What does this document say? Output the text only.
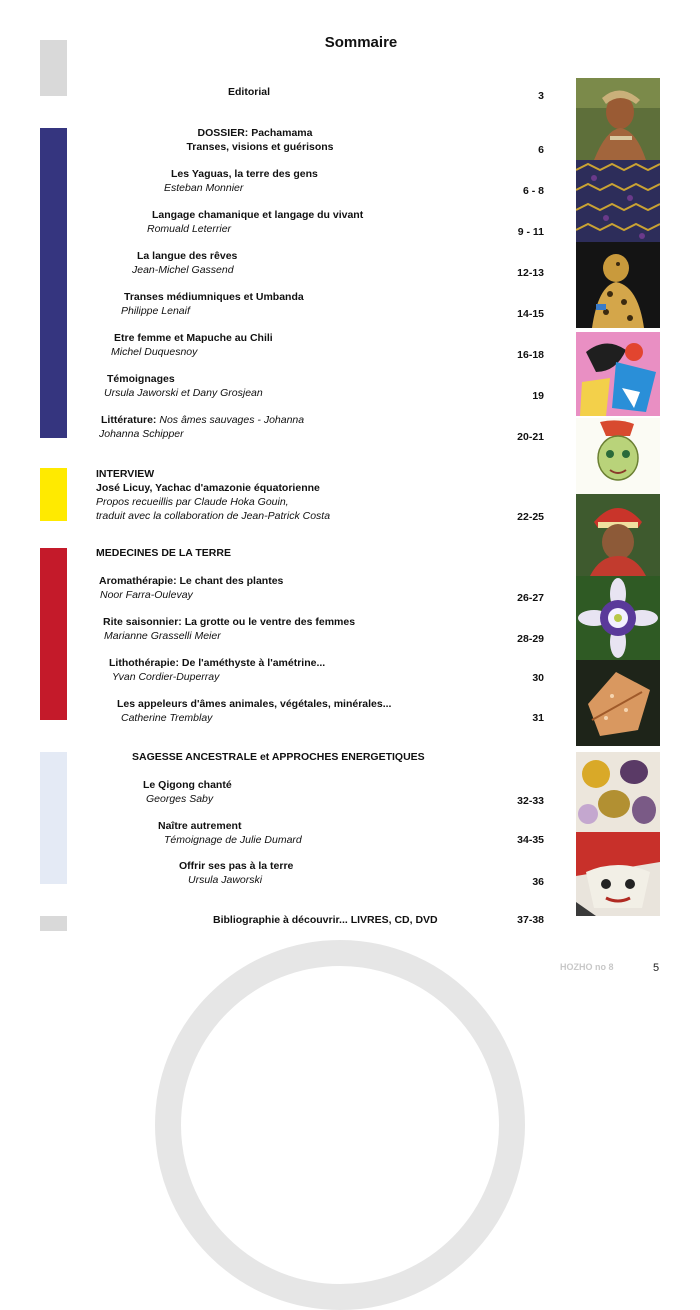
Sommaire
Editorial	3
DOSSIER: Pachamama
Transes, visions et guérisons	6
Les Yaguas, la terre des gens
Esteban Monnier	6 - 8
Langage chamanique et langage du vivant
Romuald Leterrier	9 - 11
La langue des rêves
Jean-Michel Gassend	12-13
Transes médiumniques et Umbanda
Philippe Lenaif	14-15
Etre femme et Mapuche au Chili
Michel Duquesnoy	16-18
Témoignages
Ursula Jaworski et Dany Grosjean	19
Littérature: Nos âmes sauvages - Johanna
Johanna Schipper	20-21
INTERVIEW
José Licuy, Yachac d'amazonie équatorienne
Propos recueillis par Claude Hoka Gouin,
traduit avec la collaboration de Jean-Patrick Costa	22-25
MEDECINES DE LA TERRE
Aromathérapie: Le chant des plantes
Noor Farra-Oulevay	26-27
Rite saisonnier: La grotte ou le ventre des femmes
Marianne Grasselli Meier	28-29
Lithothérapie: De l'améthyste à l'amétrine...
Yvan Cordier-Duperray	30
Les appeleurs d'âmes animales, végétales, minérales...
Catherine Tremblay	31
SAGESSE ANCESTRALE et APPROCHES ENERGETIQUES
Le Qigong chanté
Georges Saby	32-33
Naître autrement
Témoignage de Julie Dumard	34-35
Offrir ses pas à la terre
Ursula Jaworski	36
Bibliographie à découvrir... LIVRES, CD, DVD	37-38
HOZHO no 8	5
